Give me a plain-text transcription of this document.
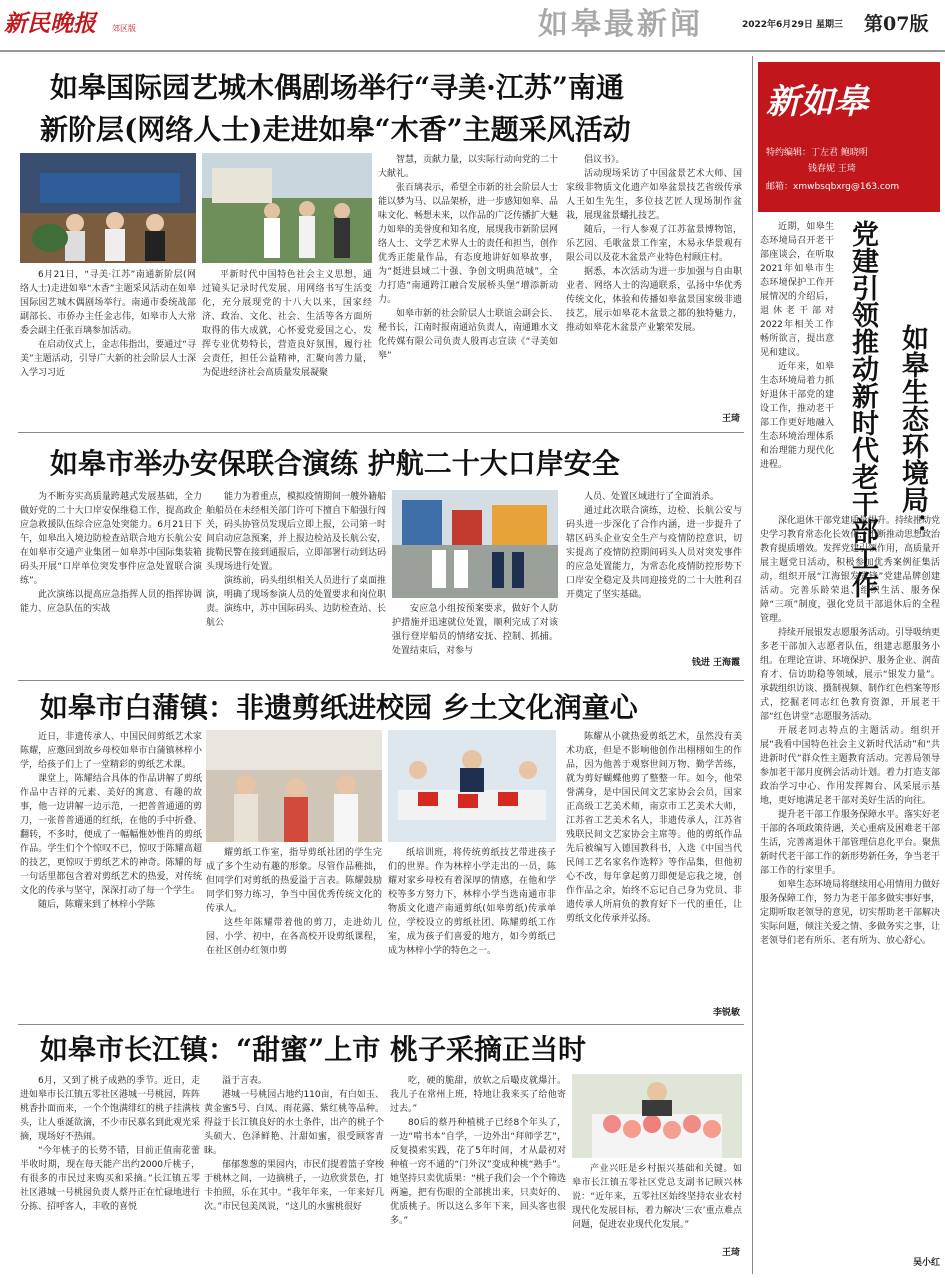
新民晚报	郊区版	如皋最新闻	2022年6月29日 星期三	第07版
如皋国际园艺城木偶剧场举行“寻美·江苏”南通
新阶层(网络人士)走进如皋“木香”主题采风活动
6月21日，“寻美·江苏”南通新阶层(网络人士)走进如皋“木香”主题采风活动在如皋国际园艺城木偶剧场举行。南通市委统战部副部长、市侨办主任金志伟，如皋市人大常委会副主任张百璃参加活动。
在启动仪式上，金志伟指出，要通过“寻美”主题活动，引导广大新的社会阶层人士深入学习习近
平新时代中国特色社会主义思想，通过镜头记录时代发展、用网络书写生活变化，充分展现党的十八大以来，国家经济、政治、文化、社会、生活等各方面所取得的伟大成就，心怀爱党爱国之心，发挥专业优势特长，营造良好氛围，履行社会责任，担任公益精神，汇聚向善力量，为促进经济社会高质量发展凝聚
智慧，贡献力量，以实际行动向党的二十大献礼。
张百璃表示，希望全市新的社会阶层人士能以梦为马、以品架桥，进一步感知如皋、品味文化、畅想未来，以作品的广泛传播扩大魅力如皋的美誉度和知名度，展现我市新阶层网络人士、文学艺术界人士的责任和担当，创作优秀正能量作品，有态度地讲好如皋故事，为“挺进县域二十强、争创文明典范城”，全力打造“南通跨江融合发展桥头堡”增添新动力。
如皋市新的社会阶层人士联谊会副会长、秘书长，江南时报南通站负责人，南通雎水文化传媒有限公司负责人殷再志宣读《“寻美如皋”
倡议书》。
活动现场采访了中国盆景艺术大师、国家级非物质文化遗产如皋盆景技艺省级传承人王如生先生，多位技艺匠人现场制作盆栽，展现盆景蟠扎技艺。
随后，一行人参观了江苏盆景博物馆，乐艺园、毛歌盆景工作室，木易永华景观有限公司以及花木盆景产业特色村顾庄村。
据悉，本次活动为进一步加强与自由职业者、网络人士的沟通联系，弘扬中华优秀传统文化，体验和传播如皋盆景国家级非遗技艺，展示如皋花木盆景之都的独特魅力，推动如皋花木盆景产业繁荣发展。
王琦
如皋市举办安保联合演练 护航二十大口岸安全
为不断夯实高质量跨越式发展基础，全力做好党的二十大口岸安保维稳工作，提高政企应急救援队伍综合应急处突能力。6月21日下午，如皋出入境边防检查站联合地方长航公安在如皋市交通产业集团－如皋苏中国际集装箱码头开展“口岸单位突发事件应急处置联合演练”。
此次演练以提高应急指挥人员的指挥协调能力、应急队伍的实战
能力为着重点，模拟疫情期间一艘外籍船舶船员在未经相关部门许可下擅自下船强行闯关，码头协管员发现后立即上报，公司第一时间启动应急预案，并上报边检站及长航公安，拢勒民警在接到通报后，立即部署行动到达码头现场进行处置。
演练前，码头组织相关人员进行了桌面推演，明确了现场参演人员的处置要求和岗位职责。演练中，苏中国际码头、边防检查站、长航公
安应急小组按预案要求，做好个人防护措施并迅速就位处置，顺利完成了对该强行登岸船员的情绪安抚、控制、抓捕。处置结束后，对参与
人员、处置区域进行了全面消杀。
通过此次联合演练，边检、长航公安与码头进一步深化了合作内涵，进一步提升了辖区码头企业安全生产与疫情防控意识，切实提高了疫情防控期间码头人员对突发事件的应急处置能力，为常态化疫情防控形势下口岸安全稳定及共同迎接党的二十大胜利召开奠定了坚实基础。
钱进 王海霞
如皋市白蒲镇：非遗剪纸进校园 乡土文化润童心
近日，非遗传承人、中国民间剪纸艺术家陈耀，应邀回到故乡母校如皋市白蒲镇林梓小学，给孩子们上了一堂精彩的剪纸艺术课。
课堂上，陈耀结合具体的作品讲解了剪纸作品中吉祥的元素、美好的寓意、有趣的故事，他一边讲解一边示范，一把普普通通的剪刀，一张普普通通的红纸，在他的手中折叠、翻转，不多时，便成了一幅幅惟妙惟肖的剪纸作品。学生们个个惊叹不已，惊叹于陈耀高超的技艺，更惊叹于剪纸艺术的神奇。陈耀的每一句话里都包含着对剪纸艺术的热爱，对传统文化的传承与坚守，深深打动了每一个学生。
随后，陈耀来到了林梓小学陈
耀剪纸工作室，指导剪纸社团的学生完成了多个生动有趣的形象。尽管作品稚拙，但同学们对剪纸的热爱溢于言表。陈耀鼓励同学们努力练习，争当中国优秀传统文化的传承人。
这些年陈耀带着他的剪刀，走进幼儿园、小学、初中，在各高校开设剪纸课程，在社区创办红领巾剪
纸培训班，将传统剪纸技艺带进孩子们的世界。作为林梓小学走出的一员，陈耀对家乡母校有着深厚的情感，在他和学校等多方努力下，林梓小学当选南通市非物质文化遗产南通剪纸(如皋剪纸)传承单位，学校设立的剪纸社团、陈耀剪纸工作室，成为孩子们喜爱的地方，如今剪纸已成为林梓小学的特色之一。
陈耀从小就热爱剪纸艺术，虽然没有美术功底，但是不影响他创作出栩栩如生的作品，因为他善于观察世间万物、勤学苦练，就为剪好蝴蝶他剪了整整一年。如今，他荣誉满身，是中国民间文艺家协会会员，国家正高级工艺美术师，南京市工艺美术大师，江苏省工艺美术名人，非遗传承人，江苏省残联民间文艺家协会主席等。他的剪纸作品先后被编写入德国教科书，入选《中国当代民间工艺名家名作选粹》等作品集，但他初心不改，每年拿起剪刀即便是忘我之境，创作作品之余，始终不忘记自己身为党员、非遗传承人所肩负的教育好下一代的重任，让剪纸文化传承并弘扬。
李锐敏
如皋市长江镇：“甜蜜”上市 桃子采摘正当时
6月，又到了桃子成熟的季节。近日，走进如皋市长江镇五零社区港城一号桃园，阵阵桃香扑面而来，一个个饱满绯红的桃子挂满枝头，让人垂涎欲滴，不少市民慕名到此观光采摘，现场好不热闹。
“今年桃子的长势不错，目前正值南花蕾半收时期，现在每天能产出约2000斤桃子，有很多的市民过来购买和采摘。”长江镇五零社区港城一号桃园负责人蔡丹正在忙碌地进行分拣、招呼客人，丰收的喜悦
溢于言表。
港城一号桃园占地约110亩，有白如玉、黄金蜜5号、白凤、雨花露、紫红桃等品种。得益于长江镇良好的水土条件，出产的桃子个头硕大、色泽鲜艳、汁甜如蜜，很受顾客青睐。
郁郁葱葱的果园内，市民们提着篮子穿梭于桃林之间，一边摘桃子，一边欣赏景色，打卡拍照，乐在其中。“我年年来，一年来好几次。”市民包美凤说，“这儿的水蜜桃很好
吃，硬的脆甜，放软之后嘬皮就爆汁。我儿子在常州上班，特地让我来买了给他寄过去。”
80后的蔡丹种植桃子已经8个年头了，一边“啃书本”自学，一边外出“拜师学艺”，反复摸索实践，花了5年时间，才从最初对种植一窍不通的“门外汉”变成种桃“熟手”。她坚持只卖优质果：“桃子我们会一个个筛选两遍，把有伤眼的全部挑出来，只卖好的、优质桃子。所以这么多年下来，回头客也很多。”
产业兴旺是乡村振兴基础和关键。如皋市长江镇五零社区党总支副书记顾兴林说：“近年来，五零社区始终坚持农业农村现代化发展目标，着力解决‘三农’重点难点问题，促进农业现代化发展。”
王琦
新如皋
特约编辑：丁左君 鲍晓明
钱春妮 王琦
邮箱：xmwbsqbxrg@163.com
近期，如皋生态环境局召开老干部座谈会，在听取2021年如皋市生态环境保护工作开展情况的介绍后，退休老干部对2022年相关工作畅所欲言，提出意见和建议。
近年来，如皋生态环境局着力抓好退休干部党的建设工作，推动老干部工作更好地融入生态环境治理体系和治理能力现代化进程。	党建引领推动新时代老干部工作 如皋生态环境局：
深化退休干部党建质量提升。持续推动党史学习教育常态化长效化，不断推动思想政治教育提质增效。发挥党建引领作用，高质量开展主题党日活动，积极参加优秀案例征集活动，组织开展“江海银发先锋”党建品牌创建活动。完善乐龄荣退、组织生活、服务保障“三项”制度，强化党员干部退休后的全程管理。
持续开展银发志愿服务活动。引导吸纳更多老干部加入志愿者队伍，组建志愿服务小组。在理论宣讲、环境保护、服务企业、润苗育才、信访助稳等领域，展示“银发力量”。承载组织访谈、摄制视频、制作红色档案等形式，挖掘老同志红色教育资源，开展老干部“红色讲堂”志愿服务活动。
开展老同志特点的主题活动。组织开展“我看中国特色社会主义新时代活动”和“共进新时代”群众性主题教育活动。完善局领导参加老干部月度例会活动计划。着力打造支部政治学习中心、作用发挥舞台、风采展示基地，更好地满足老干部对美好生活的向往。
提升老干部工作服务保障水平。落实好老干部的各项政策待遇，关心重病及困难老干部生活，完善离退休干部管理信息化平台。聚焦新时代老干部工作的新形势新任务，争当老干部工作的行家里手。
如皋生态环境局将继续用心用情用力做好服务保障工作，努力为老干部多做实事好事，定期听取老领导的意见，切实帮助老干部解决实际问题，倾注关爱之情、多做务实之事，让老领导们老有所乐、老有所为、放心舒心。
吴小红
